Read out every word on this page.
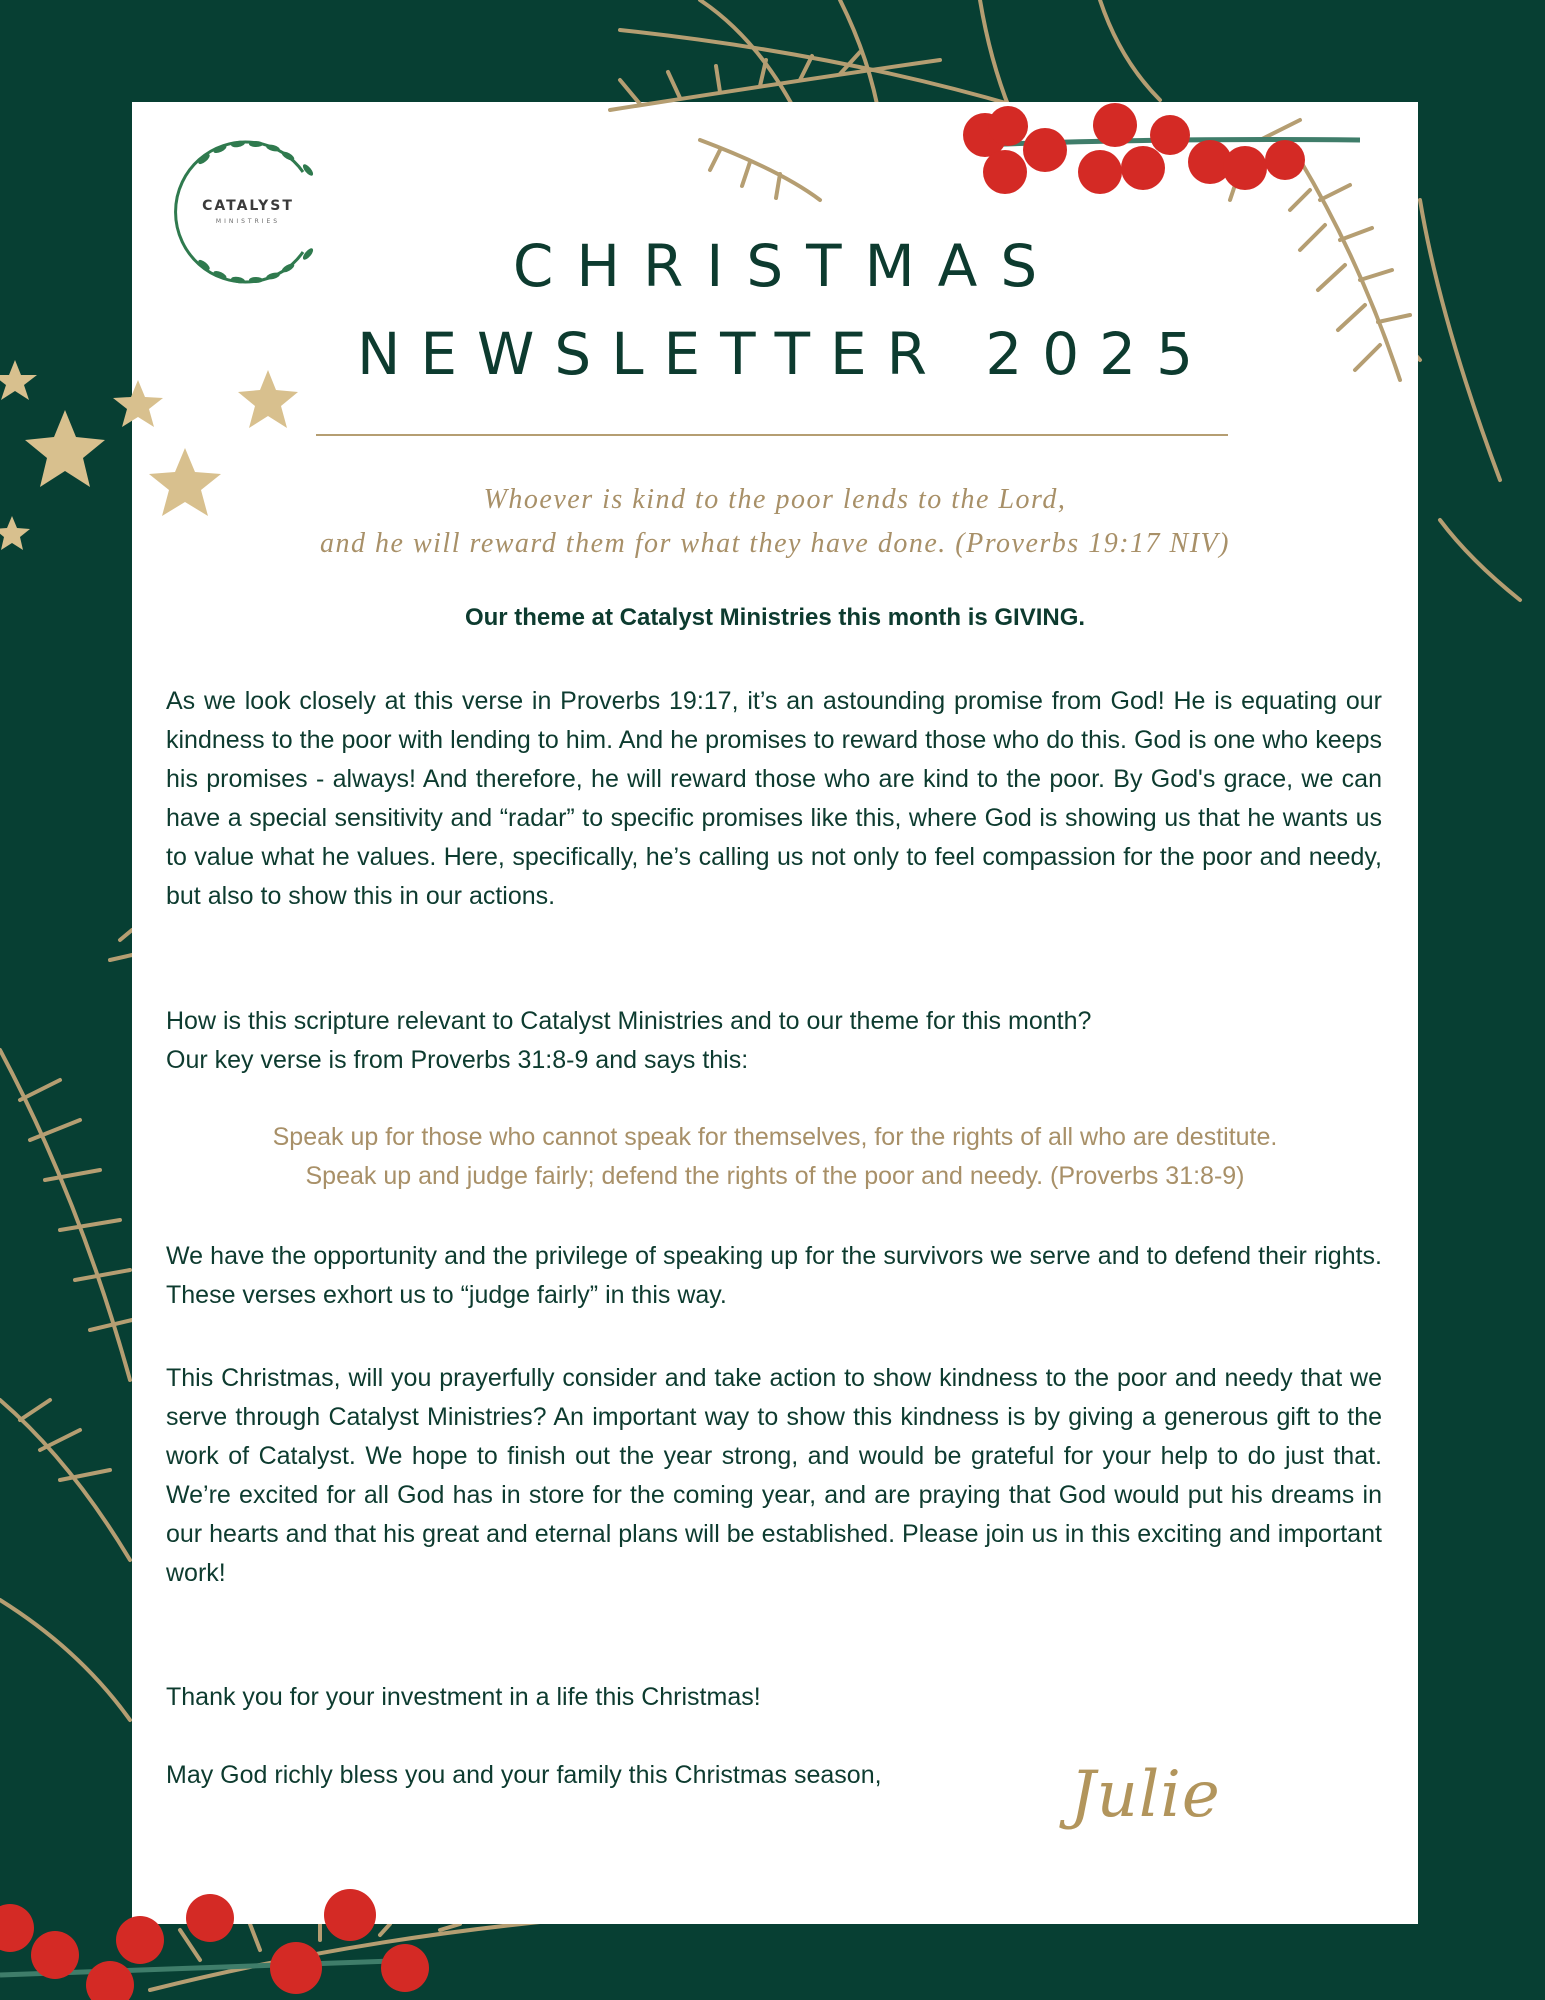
CATALYST
MINISTRIES
CHRISTMAS
NEWSLETTER 2025
Whoever is kind to the poor lends to the Lord,
and he will reward them for what they have done. (Proverbs 19:17 NIV)
Our theme at Catalyst Ministries this month is GIVING.

As we look closely at this verse in Proverbs 19:17, it’s an astounding promise from God! He is equating our kindness to the poor with lending to him. And he promises to reward those who do this. God is one who keeps his promises - always! And therefore, he will reward those who are kind to the poor. By God's grace, we can have a special sensitivity and “radar” to specific promises like this, where God is showing us that he wants us to value what he values. Here, specifically, he’s calling us not only to feel compassion for the poor and needy, but also to show this in our actions.

How is this scripture relevant to Catalyst Ministries and to our theme for this month?
Our key verse is from Proverbs 31:8-9 and says this:

Speak up for those who cannot speak for themselves, for the rights of all who are destitute.
Speak up and judge fairly; defend the rights of the poor and needy. (Proverbs 31:8-9)

We have the opportunity and the privilege of speaking up for the survivors we serve and to defend their rights. These verses exhort us to “judge fairly” in this way.

This Christmas, will you prayerfully consider and take action to show kindness to the poor and needy that we serve through Catalyst Ministries? An important way to show this kindness is by giving a generous gift to the work of Catalyst. We hope to finish out the year strong, and would be grateful for your help to do just that. We’re excited for all God has in store for the coming year, and are praying that God would put his dreams in our hearts and that his great and eternal plans will be established. Please join us in this exciting and important work!

Thank you for your investment in a life this Christmas!

May God richly bless you and your family this Christmas season,	Julie
